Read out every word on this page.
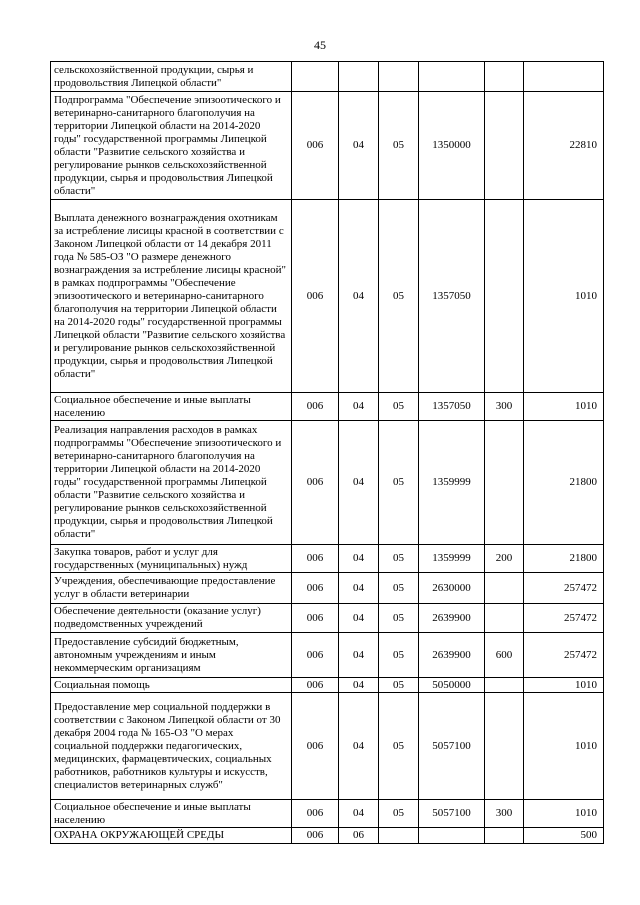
45
сельскохозяйственной продукции, сырья и продовольствия Липецкой области"						
Подпрограмма "Обеспечение эпизоотического и ветеринарно-санитарного благополучия на территории Липецкой области на 2014-2020 годы" государственной программы Липецкой области "Развитие сельского хозяйства и регулирование рынков сельскохозяйственной продукции, сырья и продовольствия Липецкой области"	006	04	05	1350000		22810
Выплата денежного вознаграждения охотникам за истребление лисицы красной в соответствии с Законом Липецкой области от 14 декабря 2011 года № 585-ОЗ "О размере денежного вознаграждения за истребление лисицы красной" в рамках подпрограммы "Обеспечение эпизоотического и ветеринарно-санитарного благополучия на территории Липецкой области на 2014-2020 годы" государственной программы Липецкой области "Развитие сельского хозяйства и регулирование рынков сельскохозяйственной продукции, сырья и продовольствия Липецкой области"	006	04	05	1357050		1010
Социальное обеспечение и иные выплаты населению	006	04	05	1357050	300	1010
Реализация направления расходов в рамках подпрограммы "Обеспечение эпизоотического и ветеринарно-санитарного благополучия на территории Липецкой области на 2014-2020 годы" государственной программы Липецкой области "Развитие сельского хозяйства и регулирование рынков сельскохозяйственной продукции, сырья и продовольствия Липецкой области"	006	04	05	1359999		21800
Закупка товаров, работ и услуг для государственных (муниципальных) нужд	006	04	05	1359999	200	21800
Учреждения, обеспечивающие предоставление услуг в области ветеринарии	006	04	05	2630000		257472
Обеспечение деятельности (оказание услуг) подведомственных учреждений	006	04	05	2639900		257472
Предоставление субсидий бюджетным, автономным учреждениям и иным некоммерческим организациям	006	04	05	2639900	600	257472
Социальная помощь	006	04	05	5050000		1010
Предоставление мер социальной поддержки в соответствии с Законом Липецкой области от 30 декабря 2004 года № 165-ОЗ "О мерах социальной поддержки педагогических, медицинских, фармацевтических, социальных работников, работников культуры и искусств, специалистов ветеринарных служб"	006	04	05	5057100		1010
Социальное обеспечение и иные выплаты населению	006	04	05	5057100	300	1010
ОХРАНА ОКРУЖАЮЩЕЙ СРЕДЫ	006	06				500
